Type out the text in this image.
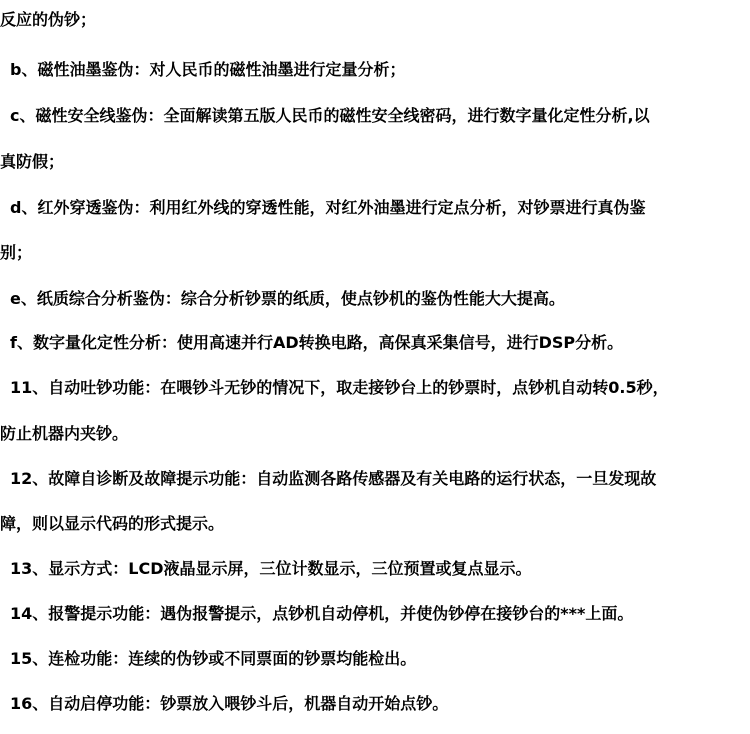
反应的伪钞；
b、磁性油墨鉴伪：对人民币的磁性油墨进行定量分析；
c、磁性安全线鉴伪：全面解读第五版人民币的磁性安全线密码，进行数字量化定性分析,以
真防假；
d、红外穿透鉴伪：利用红外线的穿透性能，对红外油墨进行定点分析，对钞票进行真伪鉴
别；
e、纸质综合分析鉴伪：综合分析钞票的纸质，使点钞机的鉴伪性能大大提高。
f、数字量化定性分析：使用高速并行AD转换电路，高保真采集信号，进行DSP分析。
11、自动吐钞功能：在喂钞斗无钞的情况下，取走接钞台上的钞票时，点钞机自动转0.5秒，
防止机器内夹钞。
12、故障自诊断及故障提示功能：自动监测各路传感器及有关电路的运行状态，一旦发现故
障，则以显示代码的形式提示。
13、显示方式：LCD液晶显示屏，三位计数显示，三位预置或复点显示。
14、报警提示功能：遇伪报警提示，点钞机自动停机，并使伪钞停在接钞台的***上面。
15、连检功能：连续的伪钞或不同票面的钞票均能检出。
16、自动启停功能：钞票放入喂钞斗后，机器自动开始点钞。
